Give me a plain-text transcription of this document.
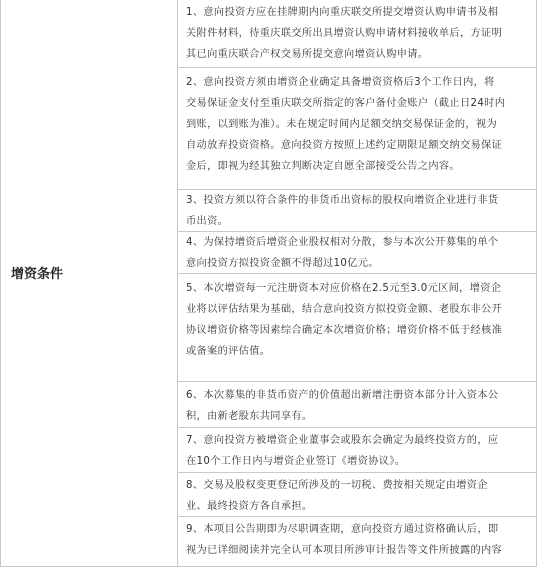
增资条件
1、意向投资方应在挂牌期内向重庆联交所提交增资认购申请书及相
关附件材料，待重庆联交所出具增资认购申请材料接收单后，方证明
其已向重庆联合产权交易所提交意向增资认购申请。
2、意向投资方须由增资企业确定具备增资资格后3个工作日内，将
交易保证金支付至重庆联交所指定的客户备付金账户（截止日24时内
到账，以到账为准）。未在规定时间内足额交纳交易保证金的，视为
自动放弃投资资格。意向投资方按照上述约定期限足额交纳交易保证
金后，即视为经其独立判断决定自愿全部接受公告之内容。
3、投资方须以符合条件的非货币出资标的股权向增资企业进行非货
币出资。
4、为保持增资后增资企业股权相对分散，参与本次公开募集的单个
意向投资方拟投资金额不得超过10亿元。
5、本次增资每一元注册资本对应价格在2.5元至3.0元区间，增资企
业将以评估结果为基础，结合意向投资方拟投资金额、老股东非公开
协议增资价格等因素综合确定本次增资价格；增资价格不低于经核准
或备案的评估值。
6、本次募集的非货币资产的价值超出新增注册资本部分计入资本公
积，由新老股东共同享有。
7、意向投资方被增资企业董事会或股东会确定为最终投资方的，应
在10个工作日内与增资企业签订《增资协议》。
8、交易及股权变更登记所涉及的一切税、费按相关规定由增资企
业、最终投资方各自承担。
9、本项目公告期即为尽职调查期，意向投资方通过资格确认后，即
视为已详细阅读并完全认可本项目所涉审计报告等文件所披露的内容
